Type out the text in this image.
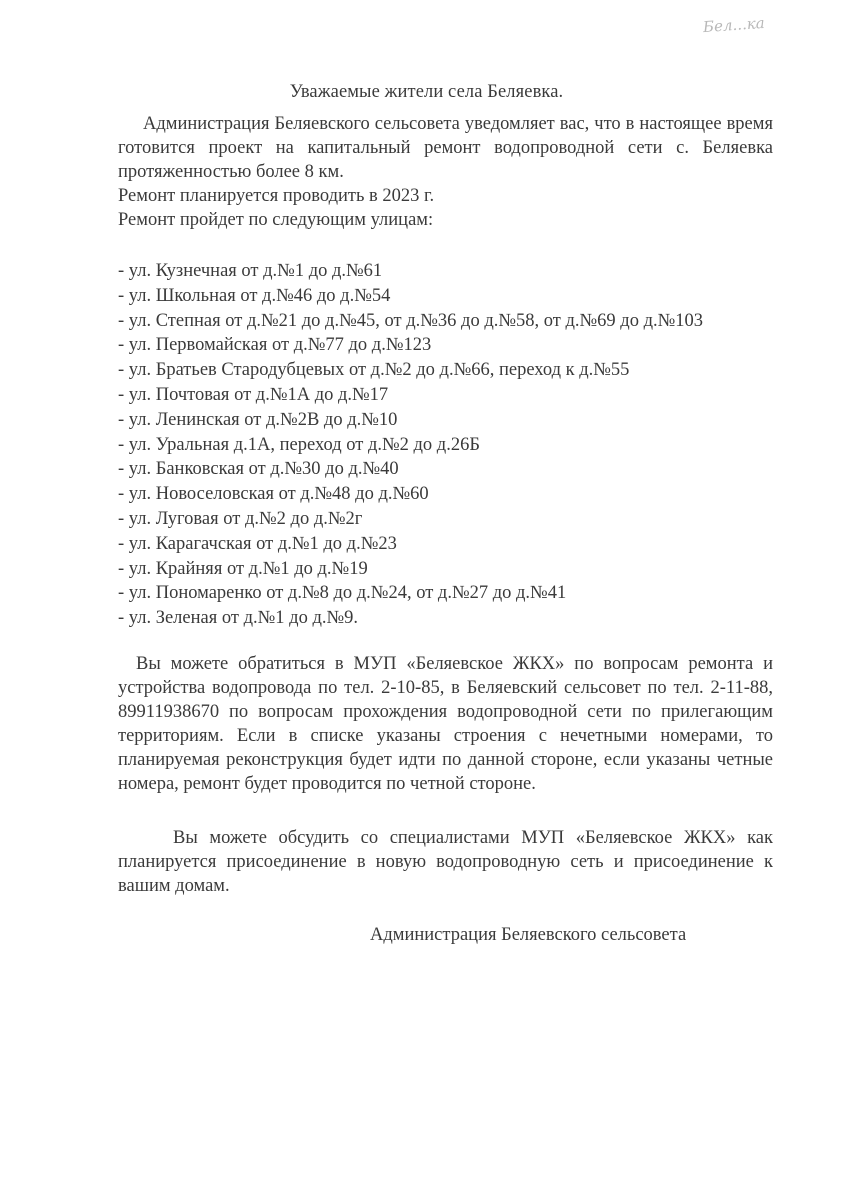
Бел...ка
Уважаемые жители села Беляевка.
Администрация Беляевского сельсовета уведомляет вас, что в настоящее время готовится проект на капитальный ремонт водопроводной сети с. Беляевка протяженностью более 8 км.
Ремонт планируется проводить в 2023 г.
Ремонт пройдет по следующим улицам:
- ул. Кузнечная от д.№1 до д.№61
- ул. Школьная от д.№46 до д.№54
- ул. Степная от д.№21 до д.№45, от д.№36 до д.№58, от д.№69 до д.№103
- ул. Первомайская от д.№77 до д.№123
- ул. Братьев Стародубцевых от д.№2 до д.№66, переход к д.№55
- ул. Почтовая от д.№1А до д.№17
- ул. Ленинская от д.№2В до д.№10
- ул. Уральная д.1А, переход от д.№2 до д.26Б
- ул. Банковская от д.№30 до д.№40
- ул. Новоселовская от д.№48 до д.№60
- ул. Луговая от д.№2 до д.№2г
- ул. Карагачская от д.№1 до д.№23
- ул. Крайняя от д.№1 до д.№19
- ул. Пономаренко от д.№8 до д.№24, от д.№27 до д.№41
- ул. Зеленая от д.№1 до д.№9.
Вы можете обратиться в МУП «Беляевское ЖКХ» по вопросам ремонта и устройства водопровода по тел. 2-10-85, в Беляевский сельсовет по тел. 2-11-88, 89911938670 по вопросам прохождения водопроводной сети по прилегающим территориям. Если в списке указаны строения с нечетными номерами, то планируемая реконструкция будет идти по данной стороне, если указаны четные номера, ремонт будет проводится по четной стороне.
Вы можете обсудить со специалистами МУП «Беляевское ЖКХ» как планируется присоединение в новую водопроводную сеть и присоединение к вашим домам.
Администрация Беляевского сельсовета
